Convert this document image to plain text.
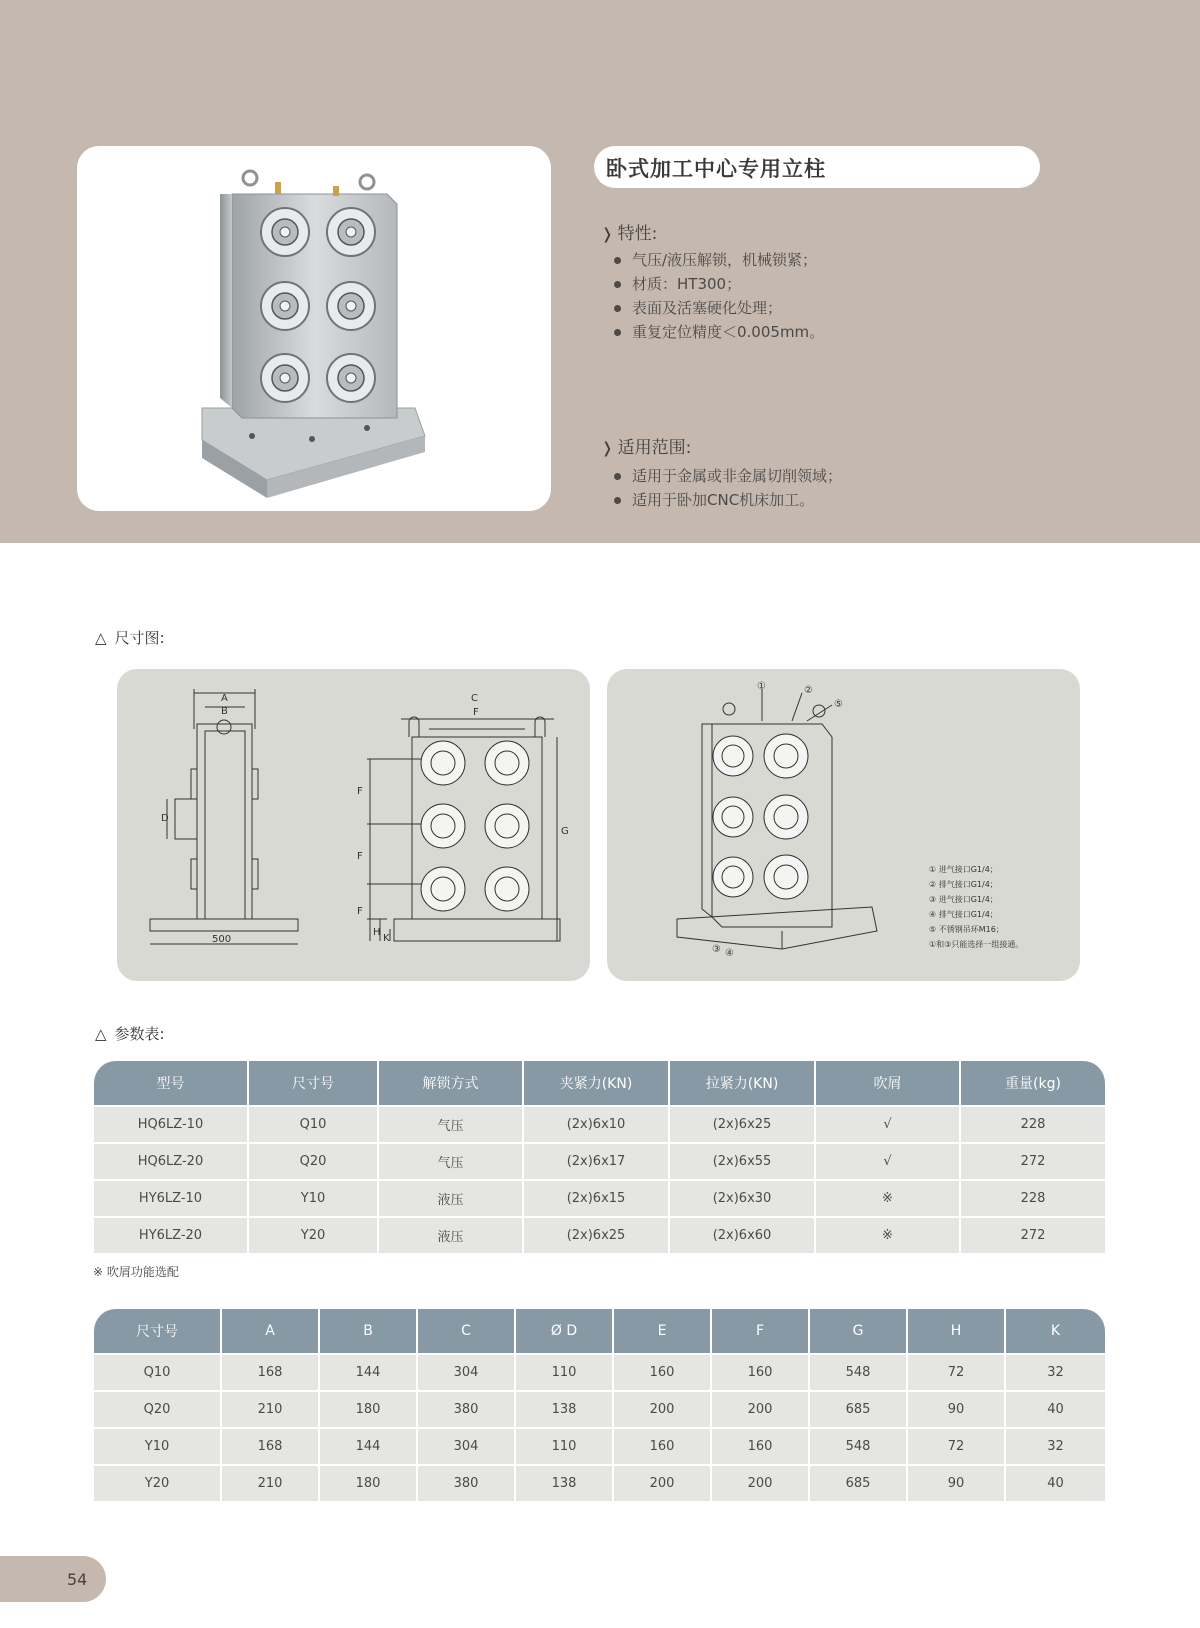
卧式加工中心专用立柱
❭ 特性:
气压/液压解锁，机械锁紧；
材质：HT300；
表面及活塞硬化处理；
重复定位精度＜0.005mm。
❭ 适用范围:
适用于金属或非金属切削领域；
适用于卧加CNC机床加工。
△ 尺寸图:
A
B
C
F
D
G
F
F
F
H
K
500
①	②
⑤
③ ④
① 进气接口G1/4；
② 排气接口G1/4；
③ 进气接口G1/4；
④ 排气接口G1/4；
⑤ 不锈钢吊环M16；
①和③只能选择一组接通。
△ 参数表:
型号	尺寸号	解锁方式	夹紧力(KN)	拉紧力(KN)	吹屑	重量(kg)
HQ6LZ-10	Q10	气压	(2x)6x10	(2x)6x25	√	228
HQ6LZ-20	Q20	气压	(2x)6x17	(2x)6x55	√	272
HY6LZ-10	Y10	液压	(2x)6x15	(2x)6x30	※	228
HY6LZ-20	Y20	液压	(2x)6x25	(2x)6x60	※	272
※ 吹屑功能选配
尺寸号	A	B	C	Ø D	E	F	G	H	K
Q10	168	144	304	110	160	160	548	72	32
Q20	210	180	380	138	200	200	685	90	40
Y10	168	144	304	110	160	160	548	72	32
Y20	210	180	380	138	200	200	685	90	40
54
